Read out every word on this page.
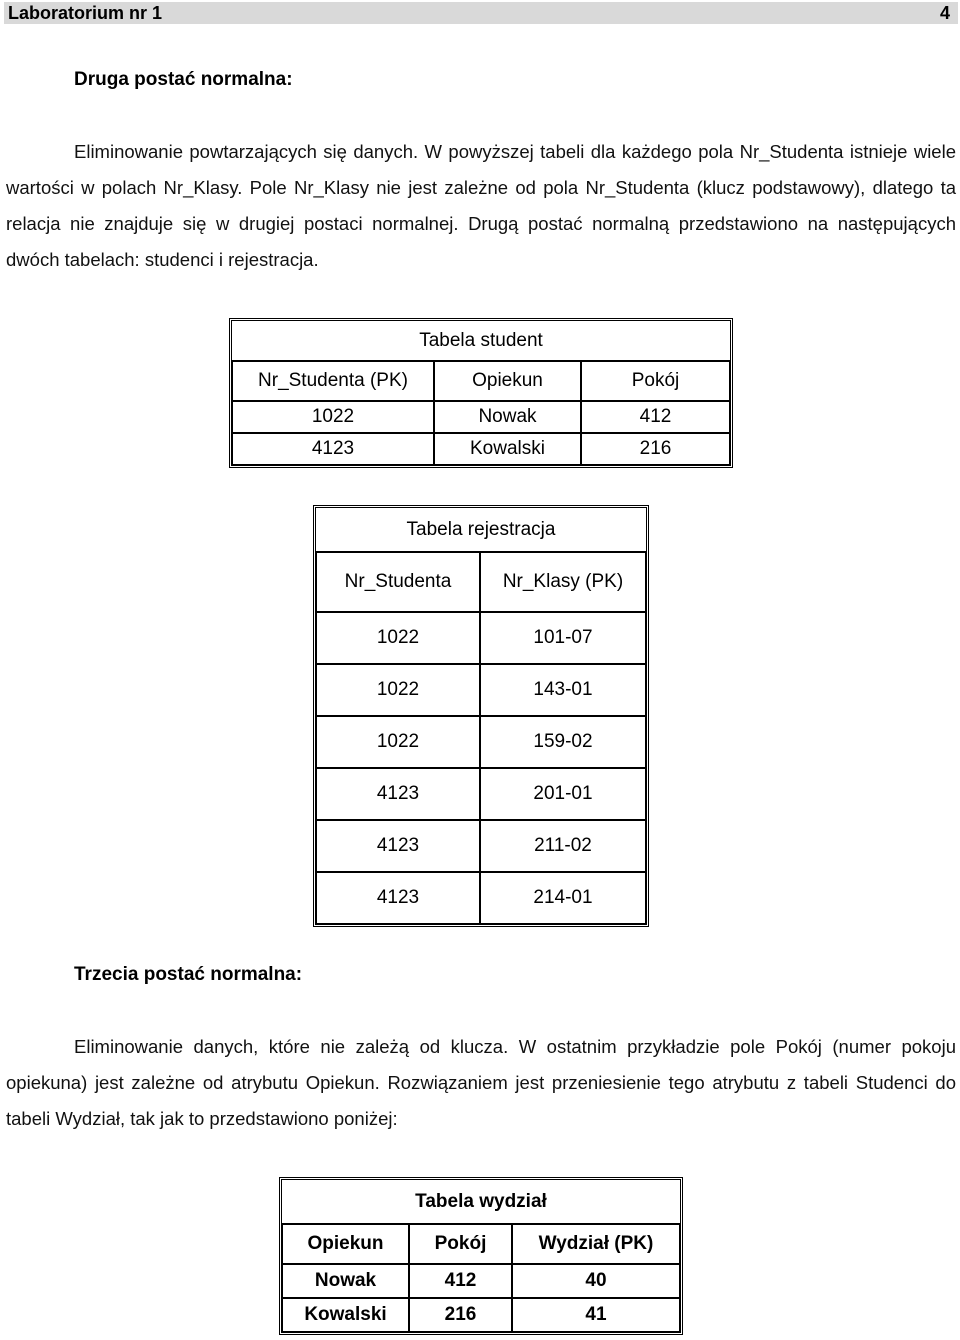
Laboratorium nr 1	4
Druga postać normalna:

Eliminowanie powtarzających się danych. W powyższej tabeli dla każdego pola Nr_Studenta istnieje wiele wartości w polach Nr_Klasy. Pole Nr_Klasy nie jest zależne od pola Nr_Studenta (klucz podstawowy), dlatego ta relacja nie znajduje się w drugiej postaci normalnej. Drugą postać normalną przedstawiono na następujących dwóch tabelach: studenci i rejestracja.

Tabela student		
Nr_Studenta (PK)	Opiekun	Pokój
1022	Nowak	412
4123	Kowalski	216
Tabela rejestracja	
Nr_Studenta	Nr_Klasy (PK)
1022	101-07
1022	143-01
1022	159-02
4123	201-01
4123	211-02
4123	214-01
Trzecia postać normalna:

Eliminowanie danych, które nie zależą od klucza. W ostatnim przykładzie pole Pokój (numer pokoju opiekuna) jest zależne od atrybutu Opiekun. Rozwiązaniem jest przeniesienie tego atrybutu z tabeli Studenci do tabeli Wydział, tak jak to przedstawiono poniżej:

Tabela wydział		
Opiekun	Pokój	Wydział (PK)
Nowak	412	40
Kowalski	216	41
